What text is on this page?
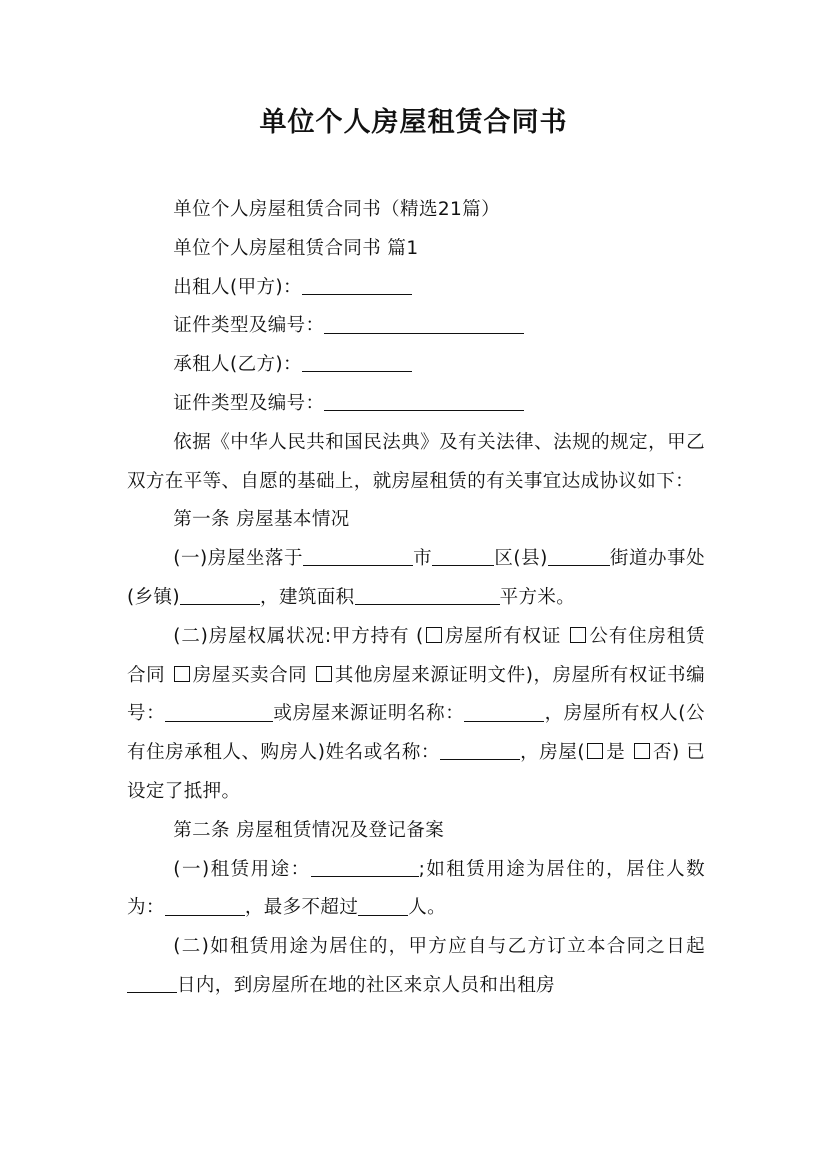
单位个人房屋租赁合同书

单位个人房屋租赁合同书（精选21篇）

单位个人房屋租赁合同书 篇1

出租人(甲方)：

证件类型及编号：

承租人(乙方)：

证件类型及编号：

依据《中华人民共和国民法典》及有关法律、法规的规定，甲乙双方在平等、自愿的基础上，就房屋租赁的有关事宜达成协议如下：

第一条 房屋基本情况

(一)房屋坐落于	市	区(县)	街道办事处(乡镇)	，建筑面积	平方米。

(二)房屋权属状况:甲方持有 ( 房屋所有权证 公有住房租赁合同 房屋买卖合同 其他房屋来源证明文件)，房屋所有权证书编号：	或房屋来源证明名称：	，房屋所有权人(公有住房承租人、购房人)姓名或名称：	，房屋( 是 否) 已设定了抵押。

第二条 房屋租赁情况及登记备案

(一)租赁用途：	;如租赁用途为居住的，居住人数为：	，最多不超过	人。

(二)如租赁用途为居住的，甲方应自与乙方订立本合同之日起日内，到房屋所在地的社区来京人员和出租房
